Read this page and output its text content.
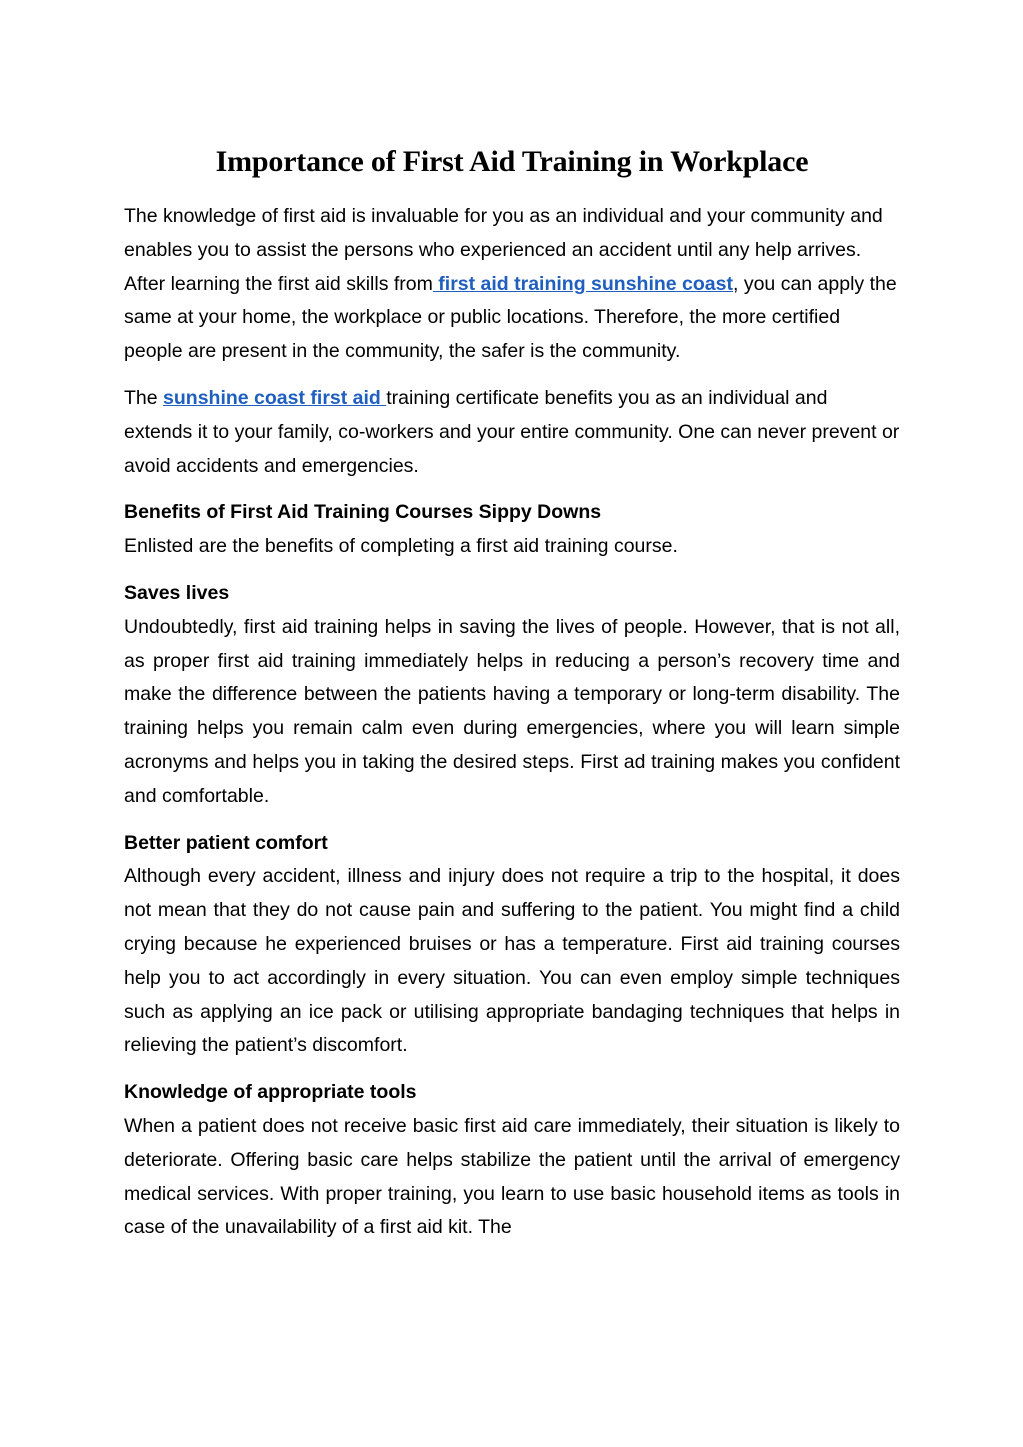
Importance of First Aid Training in Workplace

The knowledge of first aid is invaluable for you as an individual and your community and enables you to assist the persons who experienced an accident until any help arrives. After learning the first aid skills from first aid training sunshine coast, you can apply the same at your home, the workplace or public locations. Therefore, the more certified people are present in the community, the safer is the community.

The sunshine coast first aid training certificate benefits you as an individual and extends it to your family, co-workers and your entire community. One can never prevent or avoid accidents and emergencies.

Benefits of First Aid Training Courses Sippy Downs

Enlisted are the benefits of completing a first aid training course.

Saves lives

Undoubtedly, first aid training helps in saving the lives of people. However, that is not all, as proper first aid training immediately helps in reducing a person’s recovery time and make the difference between the patients having a temporary or long-term disability. The training helps you remain calm even during emergencies, where you will learn simple acronyms and helps you in taking the desired steps. First ad training makes you confident and comfortable.

Better patient comfort

Although every accident, illness and injury does not require a trip to the hospital, it does not mean that they do not cause pain and suffering to the patient. You might find a child crying because he experienced bruises or has a temperature. First aid training courses help you to act accordingly in every situation. You can even employ simple techniques such as applying an ice pack or utilising appropriate bandaging techniques that helps in relieving the patient’s discomfort.

Knowledge of appropriate tools

When a patient does not receive basic first aid care immediately, their situation is likely to deteriorate. Offering basic care helps stabilize the patient until the arrival of emergency medical services. With proper training, you learn to use basic household items as tools in case of the unavailability of a first aid kit. The
